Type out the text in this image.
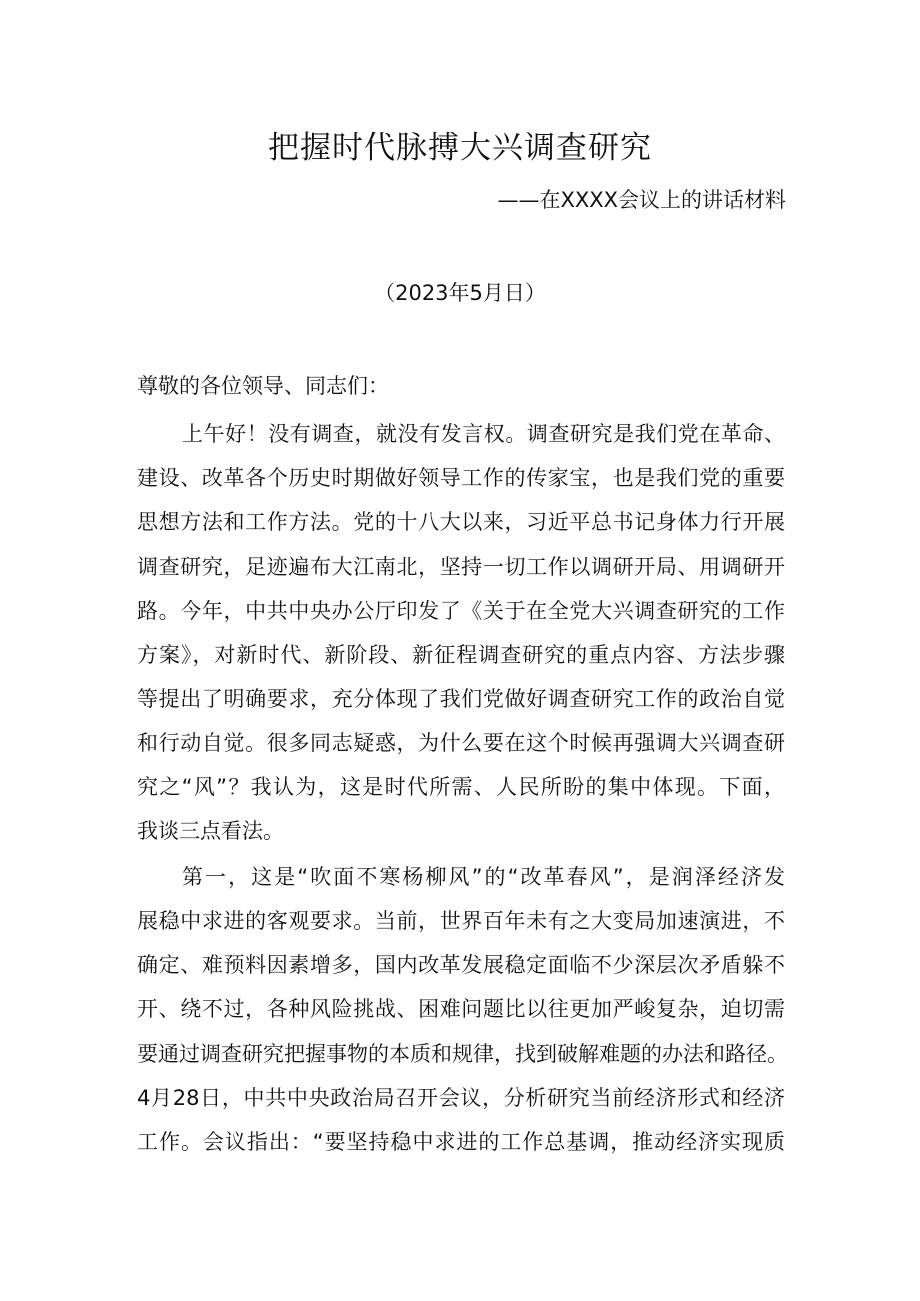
把握时代脉搏大兴调查研究
——在XXXX会议上的讲话材料
（2023年5月日）
尊敬的各位领导、同志们：
上午好！没有调查，就没有发言权。调查研究是我们党在革命、
建设、改革各个历史时期做好领导工作的传家宝，也是我们党的重要
思想方法和工作方法。党的十八大以来，习近平总书记身体力行开展
调查研究，足迹遍布大江南北，坚持一切工作以调研开局、用调研开
路。今年，中共中央办公厅印发了《关于在全党大兴调查研究的工作
方案》，对新时代、新阶段、新征程调查研究的重点内容、方法步骤
等提出了明确要求，充分体现了我们党做好调查研究工作的政治自觉
和行动自觉。很多同志疑惑，为什么要在这个时候再强调大兴调查研
究之“风”？我认为，这是时代所需、人民所盼的集中体现。下面，
我谈三点看法。
第一，这是“吹面不寒杨柳风”的“改革春风”，是润泽经济发
展稳中求进的客观要求。当前，世界百年未有之大变局加速演进，不
确定、难预料因素增多，国内改革发展稳定面临不少深层次矛盾躲不
开、绕不过，各种风险挑战、困难问题比以往更加严峻复杂，迫切需
要通过调查研究把握事物的本质和规律，找到破解难题的办法和路径。
4月28日，中共中央政治局召开会议，分析研究当前经济形式和经济
工作。会议指出：“要坚持稳中求进的工作总基调，推动经济实现质
